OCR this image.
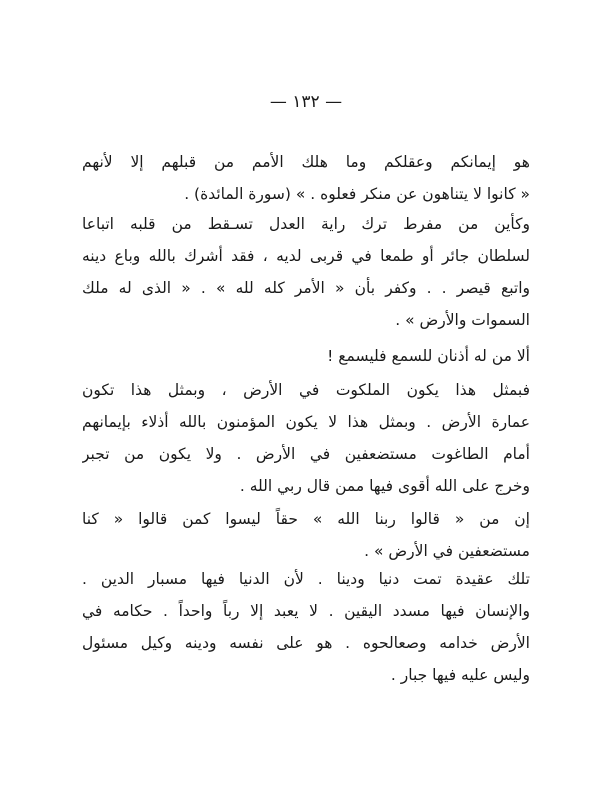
— ١٣٢ —
هو إيمانكم وعقلكم وما هلك الأمم من قبلهم إلا لأنهم
« كانوا لا يتناهون عن منكر فعلوه . » (سورة المائدة) .
وكأين من مفرط ترك راية العدل تسـقط من قلبه اتباعا
لسلطان جائر أو طمعا في قربى لديه ، فقد أشرك بالله وباع دينه
واتبع قيصر . . وكفر بأن « الأمر كله لله » . « الذى له ملك
السموات والأرض » .
ألا من له أذنان للسمع فليسمع !
فبمثل هذا يكون الملكوت في الأرض ، وبمثل هذا تكون
عمارة الأرض . وبمثل هذا لا يكون المؤمنون بالله أذلاء بإيمانهم
أمام الطاغوت مستضعفين في الأرض . ولا يكون من تجبر
وخرج على الله أقوى فيها ممن قال ربي الله .
إن من « قالوا ربنا الله » حقاً ليسوا كمن قالوا « كنا
مستضعفين في الأرض » .
تلك عقيدة تمت دنيا ودينا . لأن الدنيا فيها مسبار الدين .
والإنسان فيها مسدد اليقين . لا يعبد إلا رباً واحداً . حكامه في
الأرض خدامه وصعالحوه . هو على نفسه ودينه وكيل مسئول
وليس عليه فيها جبار .
